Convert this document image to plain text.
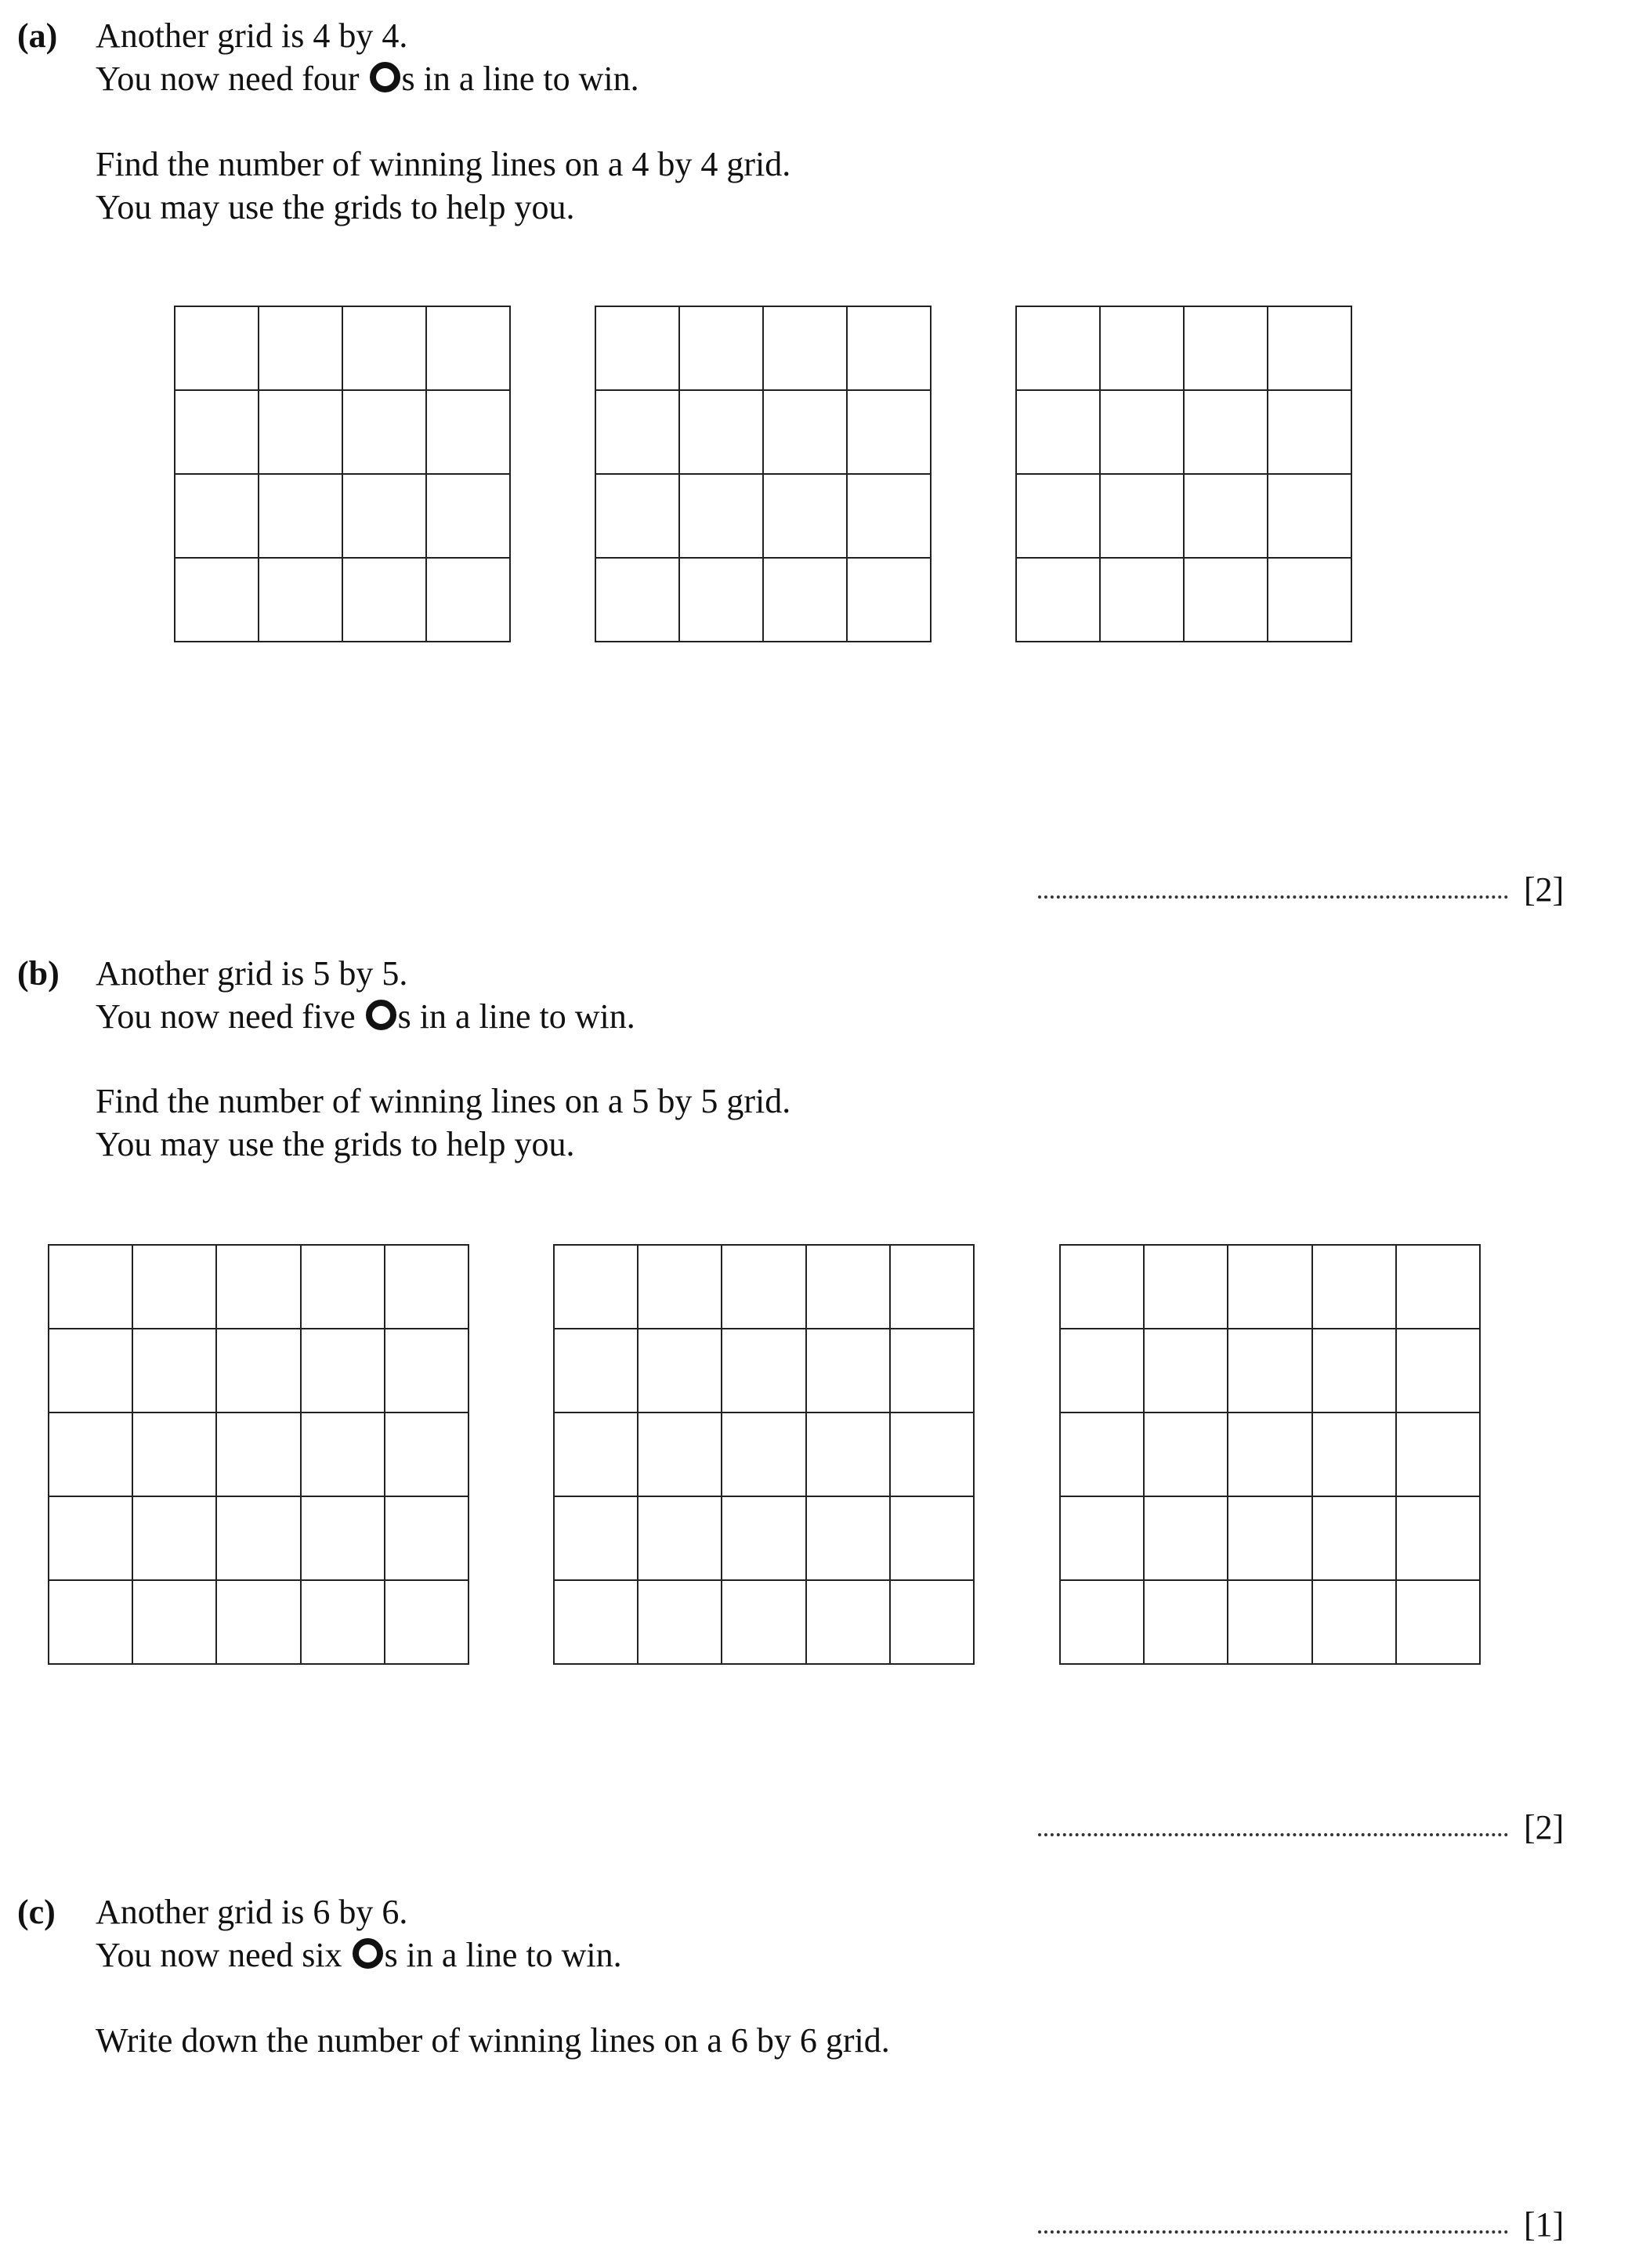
(a) Another grid is 4 by 4.
You now need four s in a line to win.
Find the number of winning lines on a 4 by 4 grid.
You may use the grids to help you.

[2]
(b) Another grid is 5 by 5.
You now need five s in a line to win.
Find the number of winning lines on a 5 by 5 grid.
You may use the grids to help you.

[2]
(c) Another grid is 6 by 6.
You now need six s in a line to win.
Write down the number of winning lines on a 6 by 6 grid.
[1]
